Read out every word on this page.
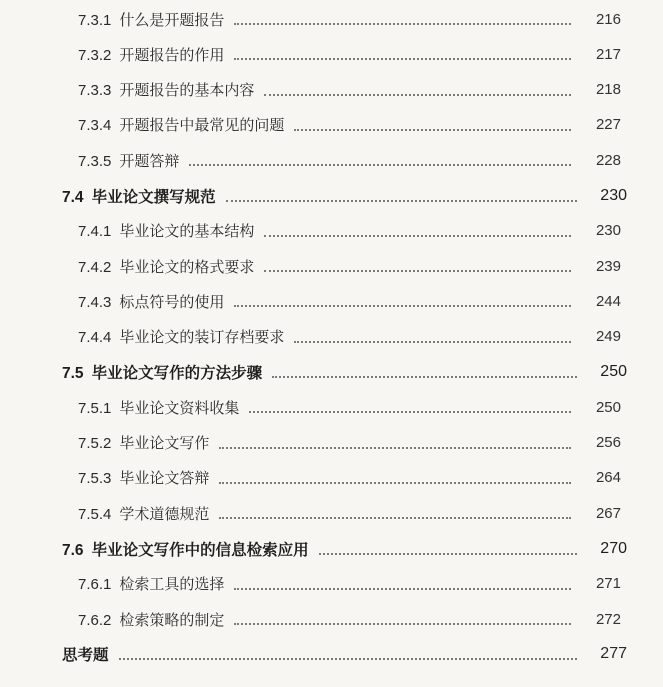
7.3.1 什么是开题报告	216
7.3.2 开题报告的作用	217
7.3.3 开题报告的基本内容	218
7.3.4 开题报告中最常见的问题	227
7.3.5 开题答辩	228
7.4 毕业论文撰写规范	230
7.4.1 毕业论文的基本结构	230
7.4.2 毕业论文的格式要求	239
7.4.3 标点符号的使用	244
7.4.4 毕业论文的装订存档要求	249
7.5 毕业论文写作的方法步骤	250
7.5.1 毕业论文资料收集	250
7.5.2 毕业论文写作	256
7.5.3 毕业论文答辩	264
7.5.4 学术道德规范	267
7.6 毕业论文写作中的信息检索应用	270
7.6.1 检索工具的选择	271
7.6.2 检索策略的制定	272
思考题	277
